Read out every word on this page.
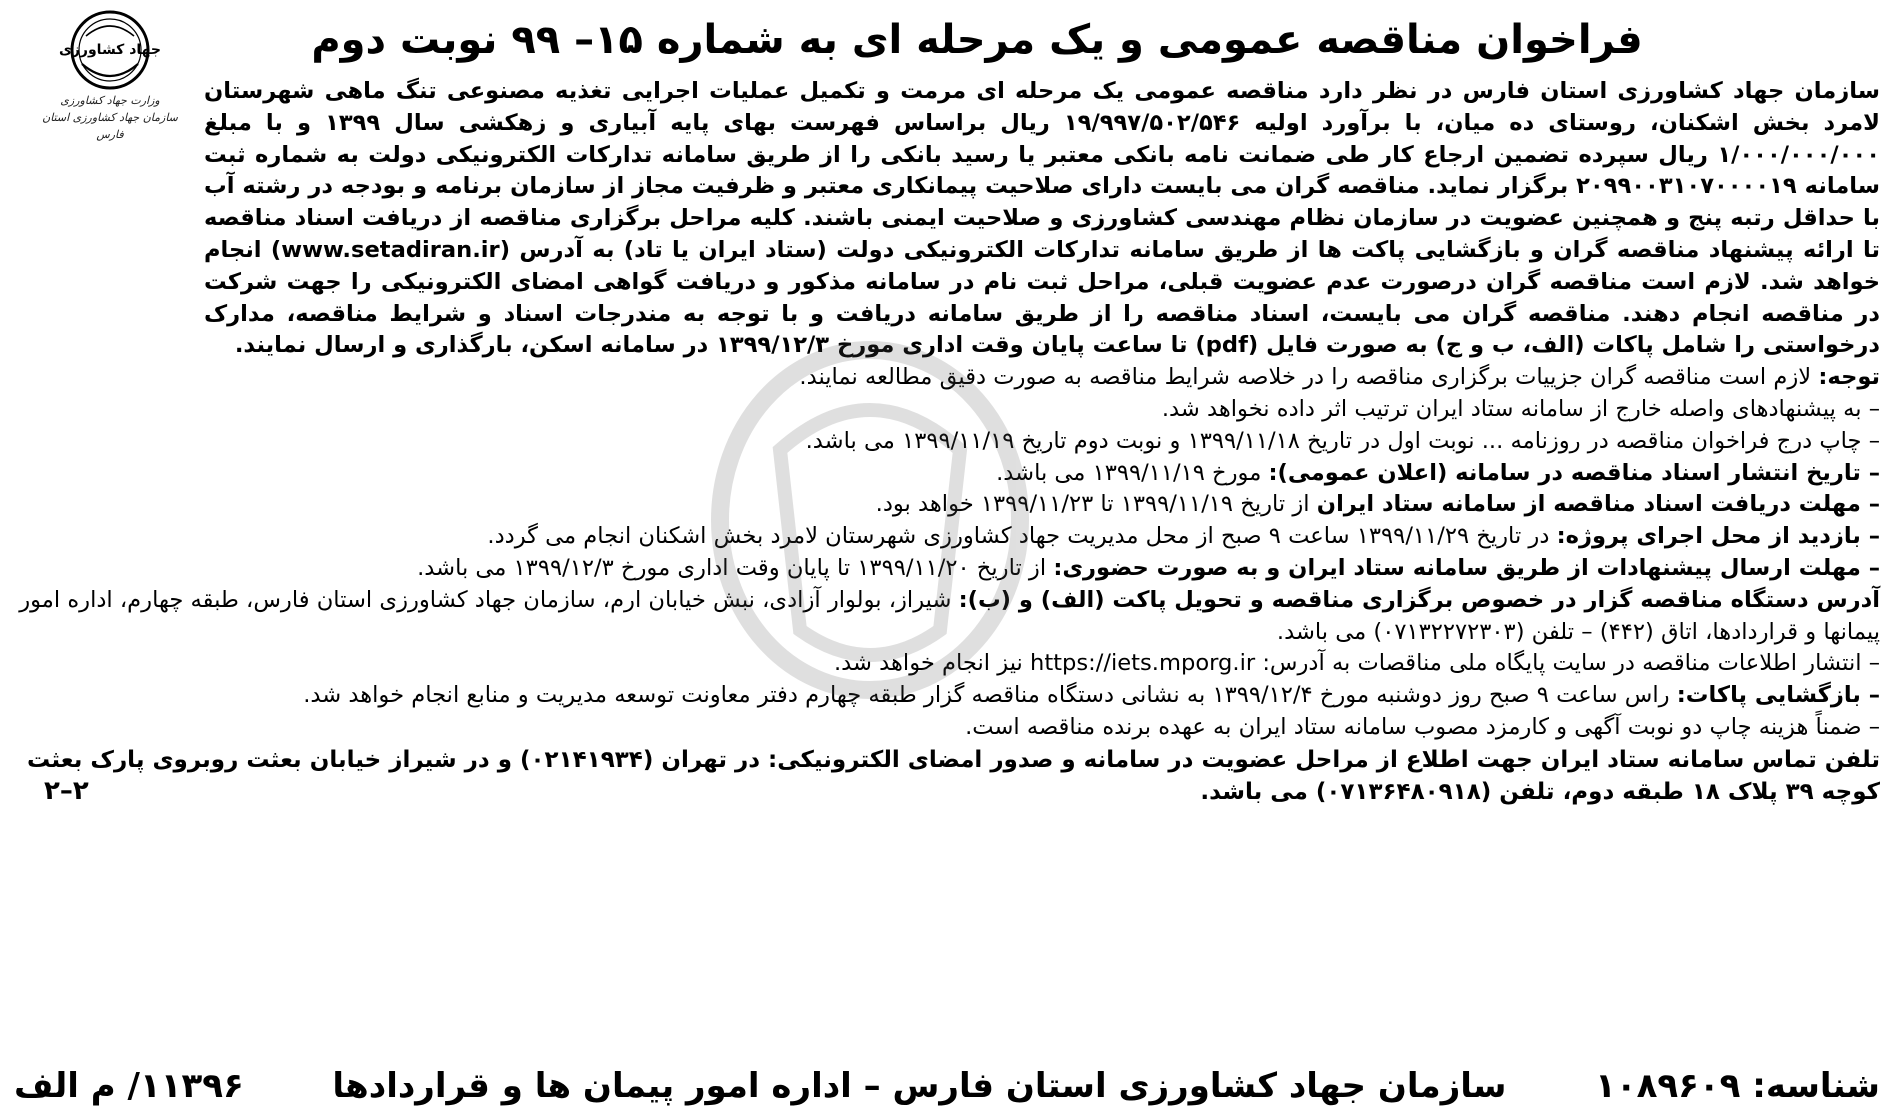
فراخوان مناقصه عمومی و یک مرحله ای به شماره ۱۵– ۹۹ نوبت دوم
جهاد کشاورزی
وزارت جهاد کشاورزی
سازمان جهاد کشاورزی استان فارس

سازمان جهاد کشاورزی استان فارس در نظر دارد مناقصه عمومی یک مرحله ای مرمت و تکمیل عملیات اجرایی تغذیه مصنوعی تنگ ماهی شهرستان لامرد بخش اشکنان، روستای ده میان، با برآورد اولیه ۱۹/۹۹۷/۵۰۲/۵۴۶ ریال براساس فهرست بهای پایه آبیاری و زهکشی سال ۱۳۹۹ و با مبلغ ۱/۰۰۰/۰۰۰/۰۰۰ ریال سپرده تضمین ارجاع کار طی ضمانت نامه بانکی معتبر یا رسید بانکی را از طریق سامانه تدارکات الکترونیکی دولت به شماره ثبت سامانه ۲۰۹۹۰۰۳۱۰۷۰۰۰۰۱۹ برگزار نماید. مناقصه گران می بایست دارای صلاحیت پیمانکاری معتبر و ظرفیت مجاز از سازمان برنامه و بودجه در رشته آب با حداقل رتبه پنج و همچنین عضویت در سازمان نظام مهندسی کشاورزی و صلاحیت ایمنی باشند. کلیه مراحل برگزاری مناقصه از دریافت اسناد مناقصه تا ارائه پیشنهاد مناقصه گران و بازگشایی پاکت ها از طریق سامانه تدارکات الکترونیکی دولت (ستاد ایران یا تاد) به آدرس (www.setadiran.ir) انجام خواهد شد. لازم است مناقصه گران درصورت عدم عضویت قبلی، مراحل ثبت نام در سامانه مذکور و دریافت گواهی امضای الکترونیکی را جهت شرکت در مناقصه انجام دهند. مناقصه گران می بایست، اسناد مناقصه را از طریق سامانه دریافت و با توجه به مندرجات اسناد و شرایط مناقصه، مدارک درخواستی را شامل پاکات (الف، ب و ج) به صورت فایل (pdf) تا ساعت پایان وقت اداری مورخ ۱۳۹۹/۱۲/۳ در سامانه اسکن، بارگذاری و ارسال نمایند.

توجه: لازم است مناقصه گران جزییات برگزاری مناقصه را در خلاصه شرایط مناقصه به صورت دقیق مطالعه نمایند.
– به پیشنهادهای واصله خارج از سامانه ستاد ایران ترتیب اثر داده نخواهد شد.
– چاپ درج فراخوان مناقصه در روزنامه ... نوبت اول در تاریخ ۱۳۹۹/۱۱/۱۸ و نوبت دوم تاریخ ۱۳۹۹/۱۱/۱۹ می باشد.
– تاریخ انتشار اسناد مناقصه در سامانه (اعلان عمومی): مورخ ۱۳۹۹/۱۱/۱۹ می باشد.
– مهلت دریافت اسناد مناقصه از سامانه ستاد ایران از تاریخ ۱۳۹۹/۱۱/۱۹ تا ۱۳۹۹/۱۱/۲۳ خواهد بود.
– بازدید از محل اجرای پروژه: در تاریخ ۱۳۹۹/۱۱/۲۹ ساعت ۹ صبح از محل مدیریت جهاد کشاورزی شهرستان لامرد بخش اشکنان انجام می گردد.
– مهلت ارسال پیشنهادات از طریق سامانه ستاد ایران و به صورت حضوری: از تاریخ ۱۳۹۹/۱۱/۲۰ تا پایان وقت اداری مورخ ۱۳۹۹/۱۲/۳ می باشد.
آدرس دستگاه مناقصه گزار در خصوص برگزاری مناقصه و تحویل پاکت (الف) و (ب): شیراز، بولوار آزادی، نبش خیابان ارم، سازمان جهاد کشاورزی استان فارس، طبقه چهارم، اداره امور پیمانها و قراردادها، اتاق (۴۴۲) – تلفن (۰۷۱۳۲۲۷۲۳۰۳) می باشد.
– انتشار اطلاعات مناقصه در سایت پایگاه ملی مناقصات به آدرس: https://iets.mporg.ir نیز انجام خواهد شد.
– بازگشایی پاکات: راس ساعت ۹ صبح روز دوشنبه مورخ ۱۳۹۹/۱۲/۴ به نشانی دستگاه مناقصه گزار طبقه چهارم دفتر معاونت توسعه مدیریت و منابع انجام خواهد شد.
– ضمناً هزینه چاپ دو نوبت آگهی و کارمزد مصوب سامانه ستاد ایران به عهده برنده مناقصه است.

تلفن تماس سامانه ستاد ایران جهت اطلاع از مراحل عضویت در سامانه و صدور امضای الکترونیکی: در تهران (۰۲۱۴۱۹۳۴) و در شیراز خیابان بعثت روبروی پارک بعثت کوچه ۳۹ پلاک ۱۸ طبقه دوم، تلفن (۰۷۱۳۶۴۸۰۹۱۸) می باشد.

۲–۲
شناسه: ۱۰۸۹۶۰۹
سازمان جهاد کشاورزی استان فارس – اداره امور پیمان ها و قراردادها
۱۱۳۹۶/ م الف
